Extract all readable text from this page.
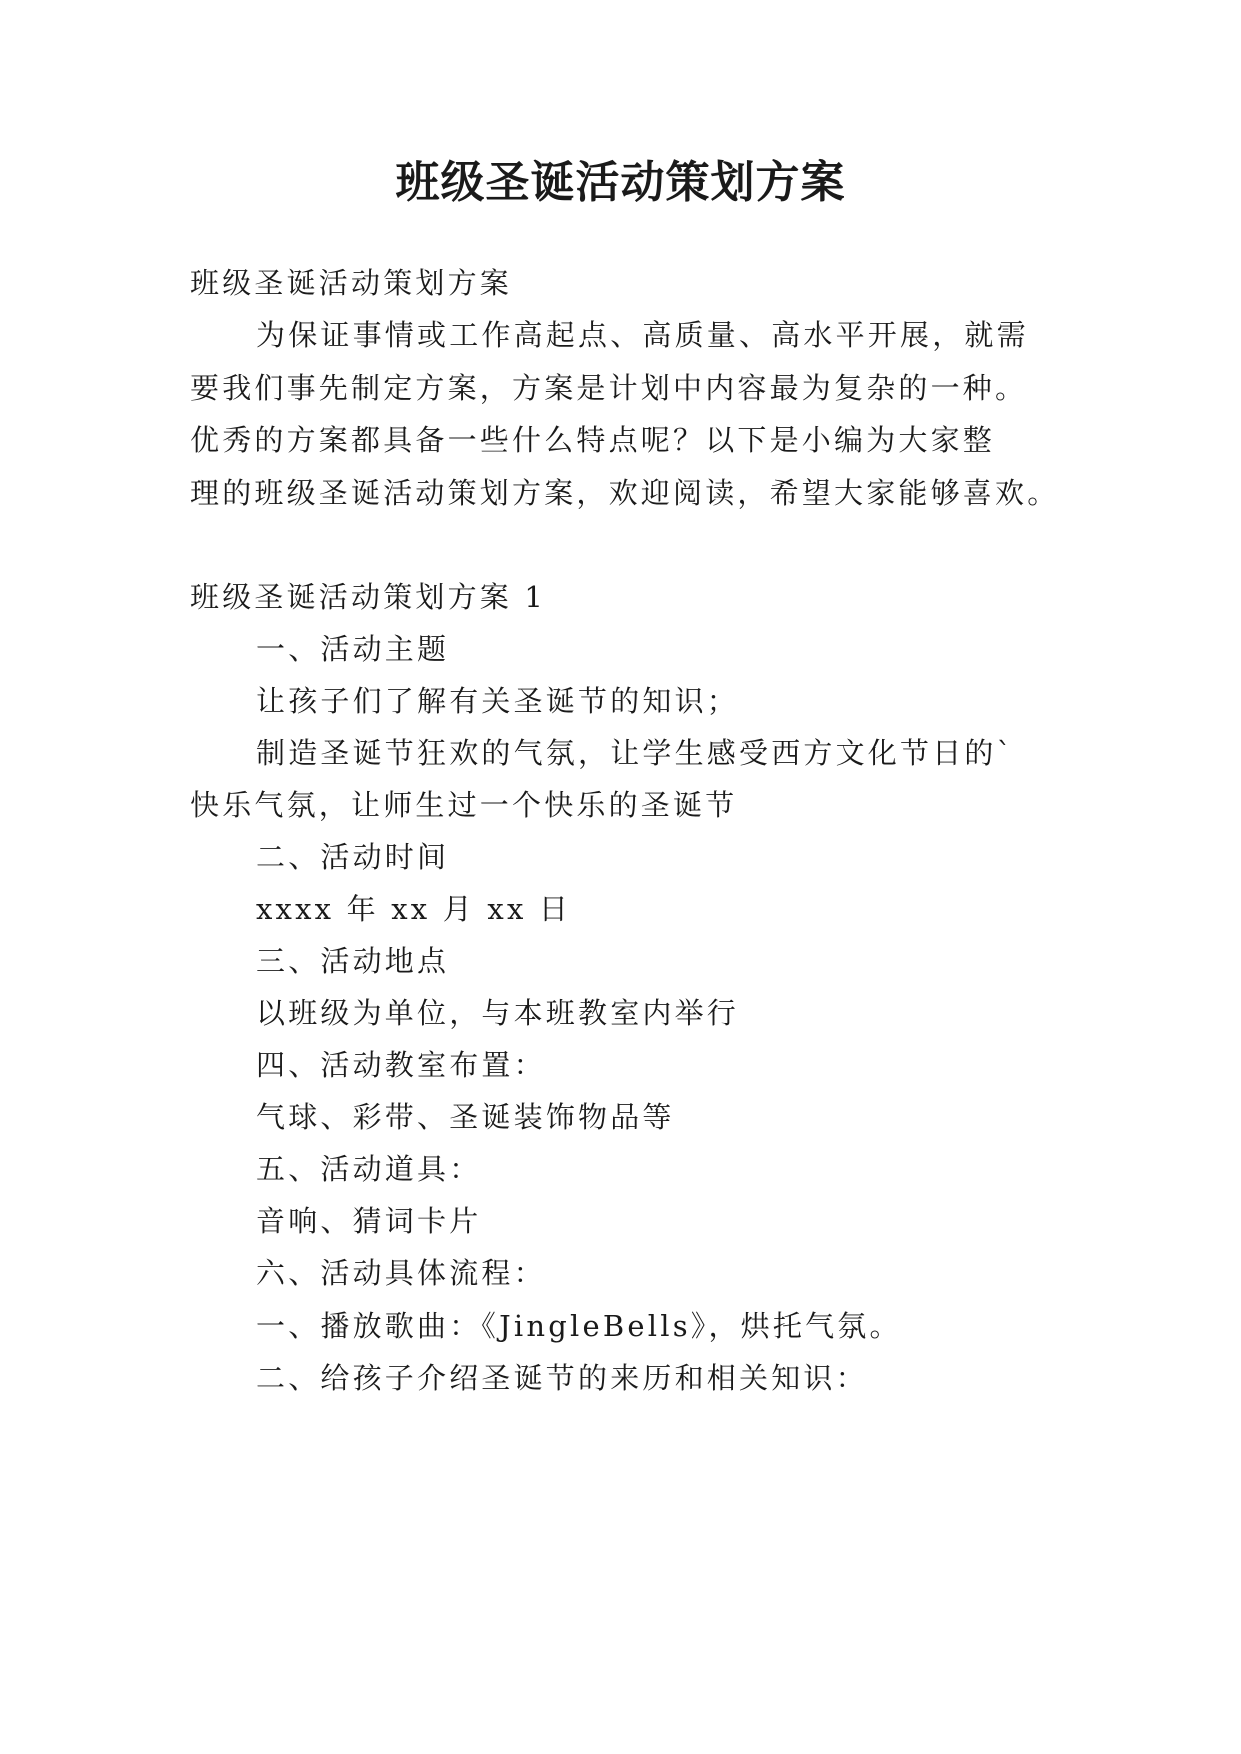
班级圣诞活动策划方案
班级圣诞活动策划方案
为保证事情或工作高起点、高质量、高水平开展，就需
要我们事先制定方案，方案是计划中内容最为复杂的一种。
优秀的方案都具备一些什么特点呢？以下是小编为大家整
理的班级圣诞活动策划方案，欢迎阅读，希望大家能够喜欢。
班级圣诞活动策划方案 1
一、活动主题
让孩子们了解有关圣诞节的知识；
制造圣诞节狂欢的气氛，让学生感受西方文化节日的`
快乐气氛，让师生过一个快乐的圣诞节
二、活动时间
xxxx 年 xx 月 xx 日
三、活动地点
以班级为单位，与本班教室内举行
四、活动教室布置：
气球、彩带、圣诞装饰物品等
五、活动道具：
音响、猜词卡片
六、活动具体流程：
一、播放歌曲：《JingleBells》，烘托气氛。
二、给孩子介绍圣诞节的来历和相关知识：
